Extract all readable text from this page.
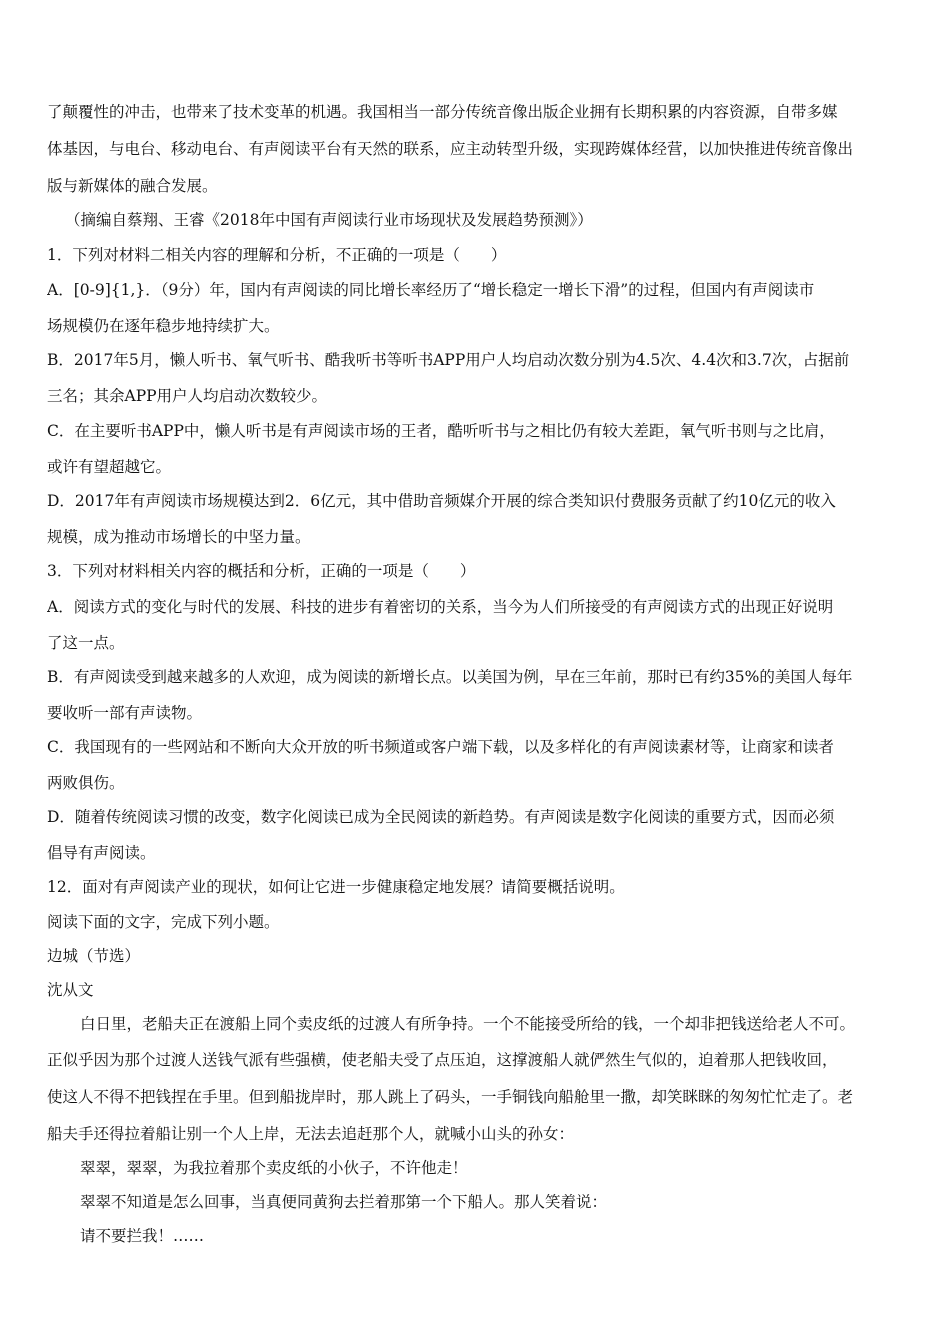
了颠覆性的冲击，也带来了技术变革的机遇。我国相当一部分传统音像出版企业拥有长期积累的内容资源，自带多媒
体基因，与电台、移动电台、有声阅读平台有天然的联系，应主动转型升级，实现跨媒体经营，以加快推进传统音像出
版与新媒体的融合发展。
（摘编自蔡翔、王睿《2018年中国有声阅读行业市场现状及发展趋势预测》）
1．下列对材料二相关内容的理解和分析，不正确的一项是（　　）
A．[0-9]{1,}．（9分）年，国内有声阅读的同比增长率经历了“增长稳定一增长下滑”的过程，但国内有声阅读市
场规模仍在逐年稳步地持续扩大。
B．2017年5月，懒人听书、氧气听书、酷我听书等听书APP用户人均启动次数分别为4.5次、4.4次和3.7次，占据前
三名；其余APP用户人均启动次数较少。
C．在主要听书APP中，懒人听书是有声阅读市场的王者，酷听听书与之相比仍有较大差距，氧气听书则与之比肩，
或许有望超越它。
D．2017年有声阅读市场规模达到2．6亿元，其中借助音频媒介开展的综合类知识付费服务贡献了约10亿元的收入
规模，成为推动市场增长的中坚力量。
3．下列对材料相关内容的概括和分析，正确的一项是（　　）
A．阅读方式的变化与时代的发展、科技的进步有着密切的关系，当今为人们所接受的有声阅读方式的出现正好说明
了这一点。
B．有声阅读受到越来越多的人欢迎，成为阅读的新增长点。以美国为例，早在三年前，那时已有约35%的美国人每年
要收听一部有声读物。
C．我国现有的一些网站和不断向大众开放的听书频道或客户端下载，以及多样化的有声阅读素材等，让商家和读者
两败俱伤。
D．随着传统阅读习惯的改变，数字化阅读已成为全民阅读的新趋势。有声阅读是数字化阅读的重要方式，因而必须
倡导有声阅读。
12．面对有声阅读产业的现状，如何让它进一步健康稳定地发展？请简要概括说明。
阅读下面的文字，完成下列小题。
边城（节选）
沈从文
白日里，老船夫正在渡船上同个卖皮纸的过渡人有所争持。一个不能接受所给的钱，一个却非把钱送给老人不可。
正似乎因为那个过渡人送钱气派有些强横，使老船夫受了点压迫，这撑渡船人就俨然生气似的，迫着那人把钱收回，
使这人不得不把钱捏在手里。但到船拢岸时，那人跳上了码头，一手铜钱向船舱里一撒，却笑眯眯的匆匆忙忙走了。老
船夫手还得拉着船让别一个人上岸，无法去追赶那个人，就喊小山头的孙女：
翠翠，翠翠，为我拉着那个卖皮纸的小伙子，不许他走！
翠翠不知道是怎么回事，当真便同黄狗去拦着那第一个下船人。那人笑着说：
请不要拦我！……
